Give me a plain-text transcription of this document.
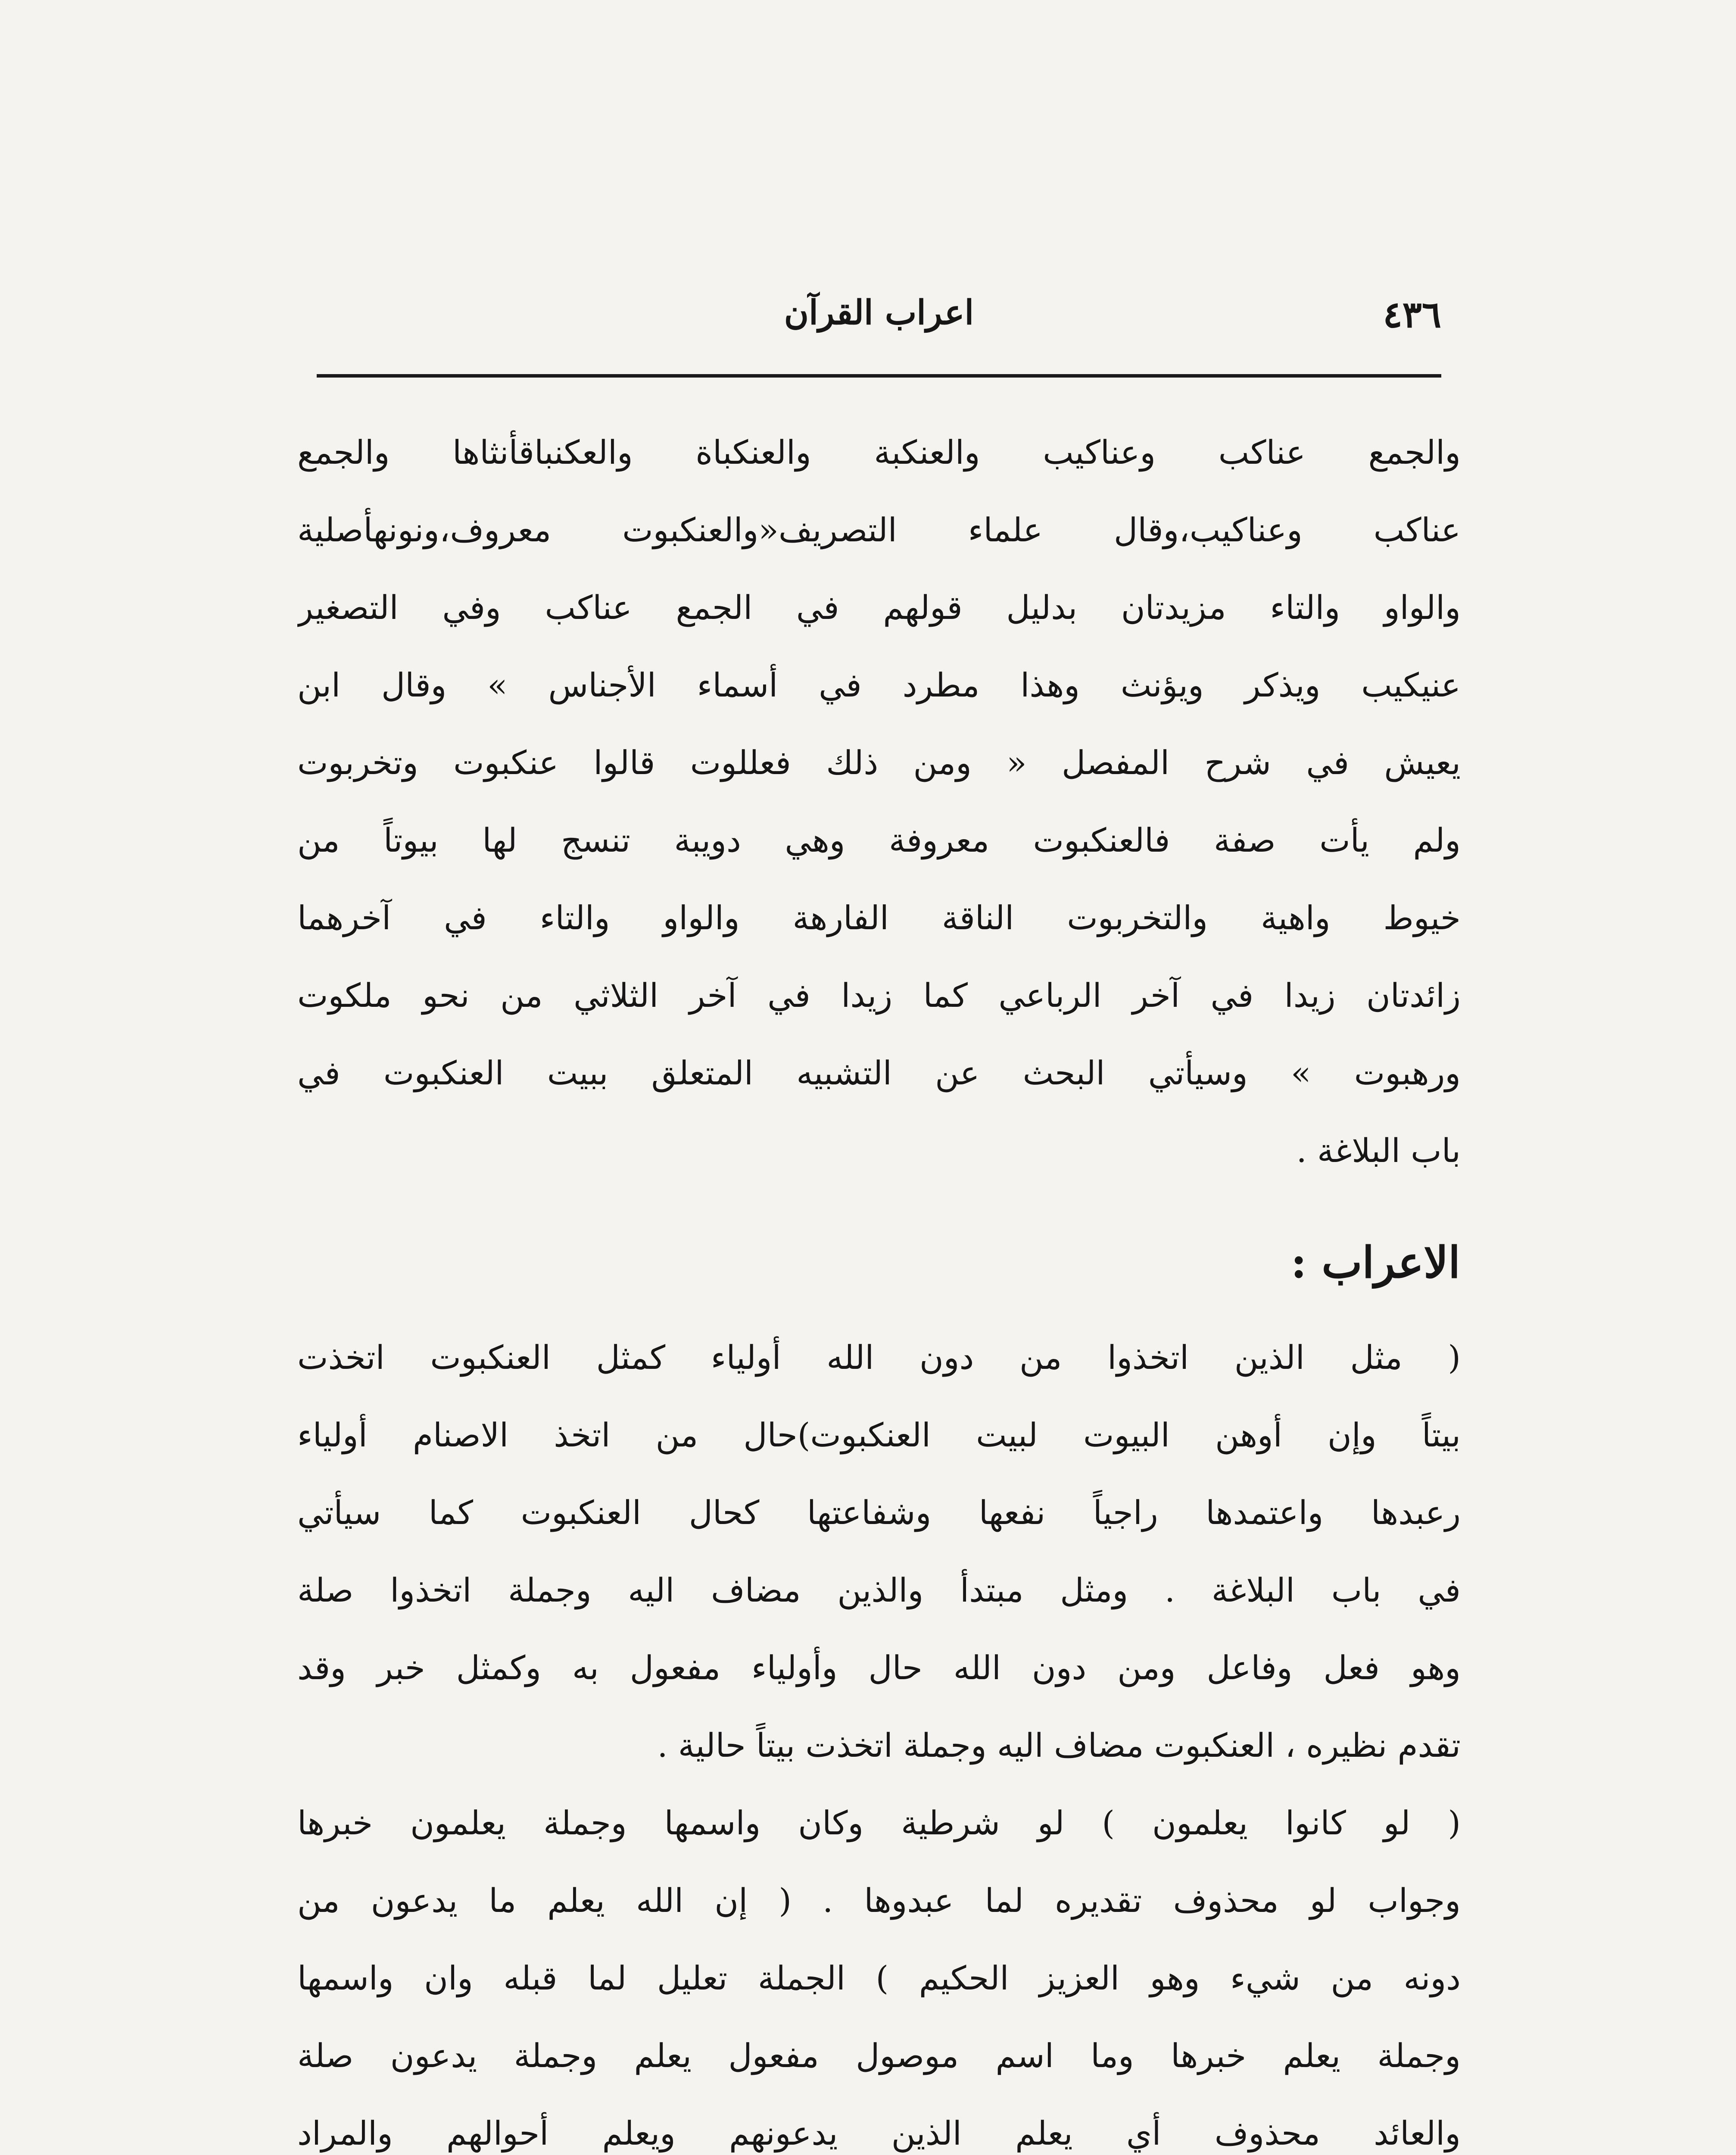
٤٣٦
اعراب القرآن
والجمع عناكب وعناكيب والعنكبة والعنكباة والعكنباقأنثاها والجمع
عناكب وعناكيب،وقال علماء التصريف«والعنكبوت معروف،ونونهأصلية
والواو والتاء مزيدتان بدليل قولهم في الجمع عناكب وفي التصغير
عنيكيب ويذكر ويؤنث وهذا مطرد في أسماء الأجناس » وقال ابن
يعيش في شرح المفصل « ومن ذلك فعللوت قالوا عنكبوت وتخربوت
ولم يأت صفة فالعنكبوت معروفة وهي دويبة تنسج لها بيوتاً من
خيوط واهية والتخربوت الناقة الفارهة والواو والتاء في آخرهما
زائدتان زيدا في آخر الرباعي كما زيدا في آخر الثلاثي من نحو ملكوت
ورهبوت » وسيأتي البحث عن التشبيه المتعلق ببيت العنكبوت في
باب البلاغة .
الاعراب :
( مثل الذين اتخذوا من دون الله أولياء كمثل العنكبوت اتخذت
بيتاً وإن أوهن البيوت لبيت العنكبوت)حال من اتخذ الاصنام أولياء
رعبدها واعتمدها راجياً نفعها وشفاعتها كحال العنكبوت كما سيأتي
في باب البلاغة . ومثل مبتدأ والذين مضاف اليه وجملة اتخذوا صلة
وهو فعل وفاعل ومن دون الله حال وأولياء مفعول به وكمثل خبر وقد
تقدم نظيره ، العنكبوت مضاف اليه وجملة اتخذت بيتاً حالية .
( لو كانوا يعلمون ) لو شرطية وكان واسمها وجملة يعلمون خبرها
وجواب لو محذوف تقديره لما عبدوها . ( إن الله يعلم ما يدعون من
دونه من شيء وهو العزيز الحكيم ) الجملة تعليل لما قبله وان واسمها
وجملة يعلم خبرها وما اسم موصول مفعول يعلم وجملة يدعون صلة
والعائد محذوف أي يعلم الذين يدعونهم ويعلم أحوالهم والمراد
